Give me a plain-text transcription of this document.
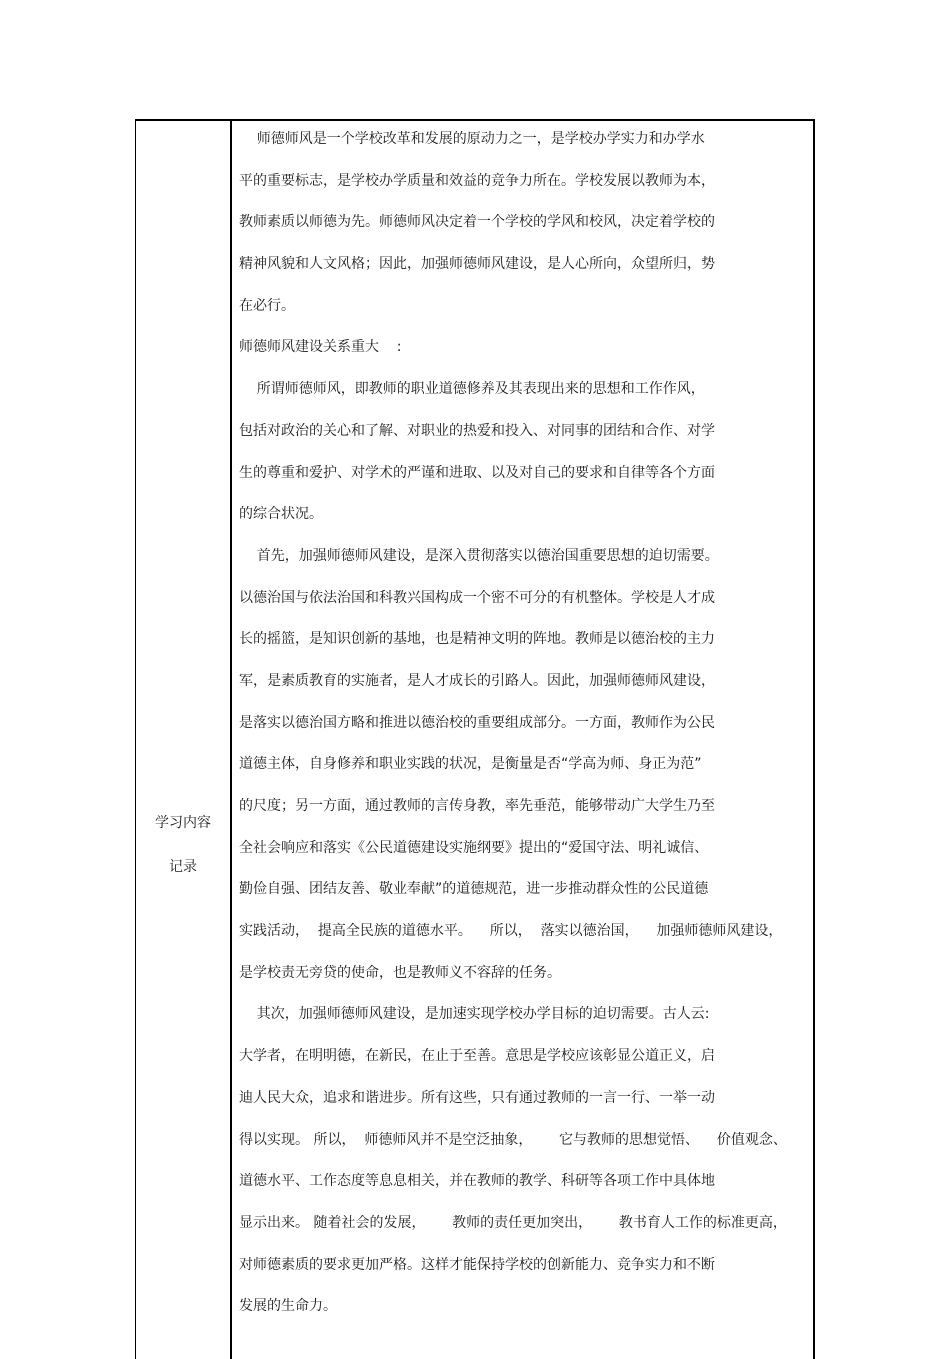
学习内容
记录
师德师风是一个学校改革和发展的原动力之一，是学校办学实力和办学水
平的重要标志，是学校办学质量和效益的竞争力所在。学校发展以教师为本，
教师素质以师德为先。师德师风决定着一个学校的学风和校风，决定着学校的
精神风貌和人文风格；因此，加强师德师风建设，是人心所向，众望所归，势
在必行。
师德师风建设关系重大    :
所谓师德师风，即教师的职业道德修养及其表现出来的思想和工作作风，
包括对政治的关心和了解、对职业的热爱和投入、对同事的团结和合作、对学
生的尊重和爱护、对学术的严谨和进取、以及对自己的要求和自律等各个方面
的综合状况。
首先，加强师德师风建设，是深入贯彻落实以德治国重要思想的迫切需要。
以德治国与依法治国和科教兴国构成一个密不可分的有机整体。学校是人才成
长的摇篮，是知识创新的基地，也是精神文明的阵地。教师是以德治校的主力
军，是素质教育的实施者，是人才成长的引路人。因此，加强师德师风建设，
是落实以德治国方略和推进以德治校的重要组成部分。一方面，教师作为公民
道德主体，自身修养和职业实践的状况，是衡量是否“学高为师、身正为范”
的尺度；另一方面，通过教师的言传身教，率先垂范，能够带动广大学生乃至
全社会响应和落实《公民道德建设实施纲要》提出的“爱国守法、明礼诚信、
勤俭自强、团结友善、敬业奉献”的道德规范，进一步推动群众性的公民道德
实践活动，  提高全民族的道德水平。    所以，  落实以德治国，    加强师德师风建设，
是学校责无旁贷的使命，也是教师义不容辞的任务。
其次，加强师德师风建设，是加速实现学校办学目标的迫切需要。古人云:
大学者，在明明德，在新民，在止于至善。意思是学校应该彰显公道正义，启
迪人民大众，追求和谐进步。所有这些，只有通过教师的一言一行、一举一动
得以实现。 所以，  师德师风并不是空泛抽象，      它与教师的思想觉悟、    价值观念、
道德水平、工作态度等息息相关，并在教师的教学、科研等各项工作中具体地
显示出来。 随着社会的发展，      教师的责任更加突出，      教书育人工作的标准更高，
对师德素质的要求更加严格。这样才能保持学校的创新能力、竞争实力和不断
发展的生命力。
